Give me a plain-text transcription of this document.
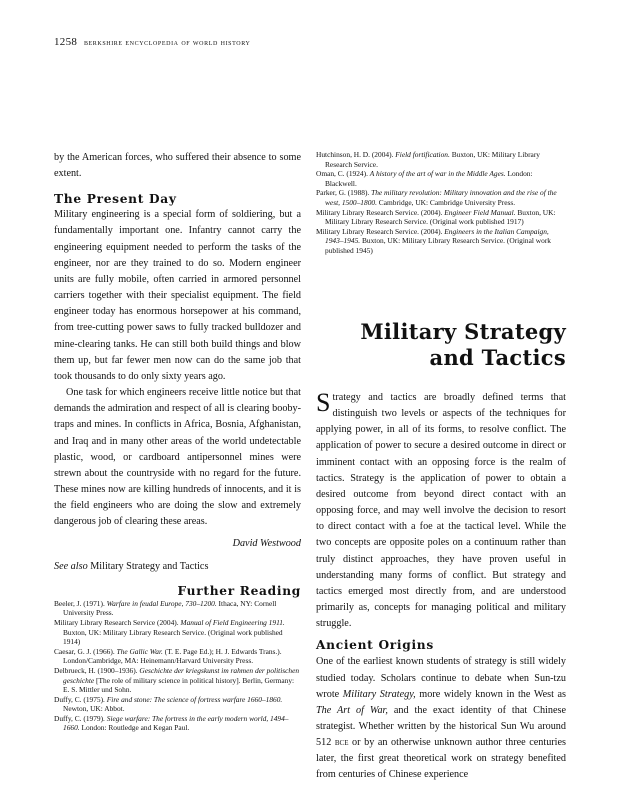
1258 berkshire encyclopedia of world history

by the American forces, who suffered their absence to some extent.

The Present Day

Military engineering is a special form of soldiering, but a fundamentally important one. Infantry cannot carry the engineering equipment needed to perform the tasks of the engineer, nor are they trained to do so. Modern engineer units are fully mobile, often carried in armored personnel carriers together with their specialist equipment. The field engineer today has enormous horsepower at his command, from tree-cutting power saws to fully tracked bulldozer and mine-clearing tanks. He can still both build things and blow them up, but far fewer men now can do the same job that took thousands to do only sixty years ago.

One task for which engineers receive little notice but that demands the admiration and respect of all is clearing booby-traps and mines. In conflicts in Africa, Bosnia, Afghanistan, and Iraq and in many other areas of the world undetectable plastic, wood, or cardboard antipersonnel mines were strewn about the countryside with no regard for the future. These mines now are killing hundreds of innocents, and it is the field engineers who are doing the slow and extremely dangerous job of clearing these areas.

David Westwood

See also Military Strategy and Tactics

Further Reading

Beeler, J. (1971). Warfare in feudal Europe, 730–1200. Ithaca, NY: Cornell University Press.

Military Library Research Service (2004). Manual of Field Engineering 1911. Buxton, UK: Military Library Research Service. (Original work published 1914)

Caesar, G. J. (1966). The Gallic War. (T. E. Page Ed.); H. J. Edwards Trans.). London/Cambridge, MA: Heinemann/Harvard University Press.

Delbrueck, H. (1900–1936). Geschichte der kriegskunst im rahmen der politischen geschichte [The role of military science in political history]. Berlin, Germany: E. S. Mittler und Sohn.

Duffy, C. (1975). Fire and stone: The science of fortress warfare 1660–1860. Newton, UK: Abbot.

Duffy, C. (1979). Siege warfare: The fortress in the early modern world, 1494–1660. London: Routledge and Kegan Paul.

Hutchinson, H. D. (2004). Field fortification. Buxton, UK: Military Library Research Service.

Oman, C. (1924). A history of the art of war in the Middle Ages. London: Blackwell.

Parker, G. (1988). The military revolution: Military innovation and the rise of the west, 1500–1800. Cambridge, UK: Cambridge University Press.

Military Library Research Service. (2004). Engineer Field Manual. Buxton, UK: Military Library Research Service. (Original work published 1917)

Military Library Research Service. (2004). Engineers in the Italian Campaign, 1943–1945. Buxton, UK: Military Library Research Service. (Original work published 1945)

Military Strategy
and Tactics

Strategy and tactics are broadly defined terms that distinguish two levels or aspects of the techniques for applying power, in all of its forms, to resolve conflict. The application of power to secure a desired outcome in direct or imminent contact with an opposing force is the realm of tactics. Strategy is the application of power to obtain a desired outcome from beyond direct contact with an opposing force, and may well involve the decision to resort to direct contact with a foe at the tactical level. While the two concepts are opposite poles on a continuum rather than truly distinct approaches, they have proven useful in understanding many forms of conflict. But strategy and tactics emerged most directly from, and are understood primarily as, concepts for managing political and military struggle.

Ancient Origins

One of the earliest known students of strategy is still widely studied today. Scholars continue to debate when Sun-tzu wrote Military Strategy, more widely known in the West as The Art of War, and the exact identity of that Chinese strategist. Whether written by the historical Sun Wu around 512 bce or by an otherwise unknown author three centuries later, the first great theoretical work on strategy benefited from centuries of Chinese experience
